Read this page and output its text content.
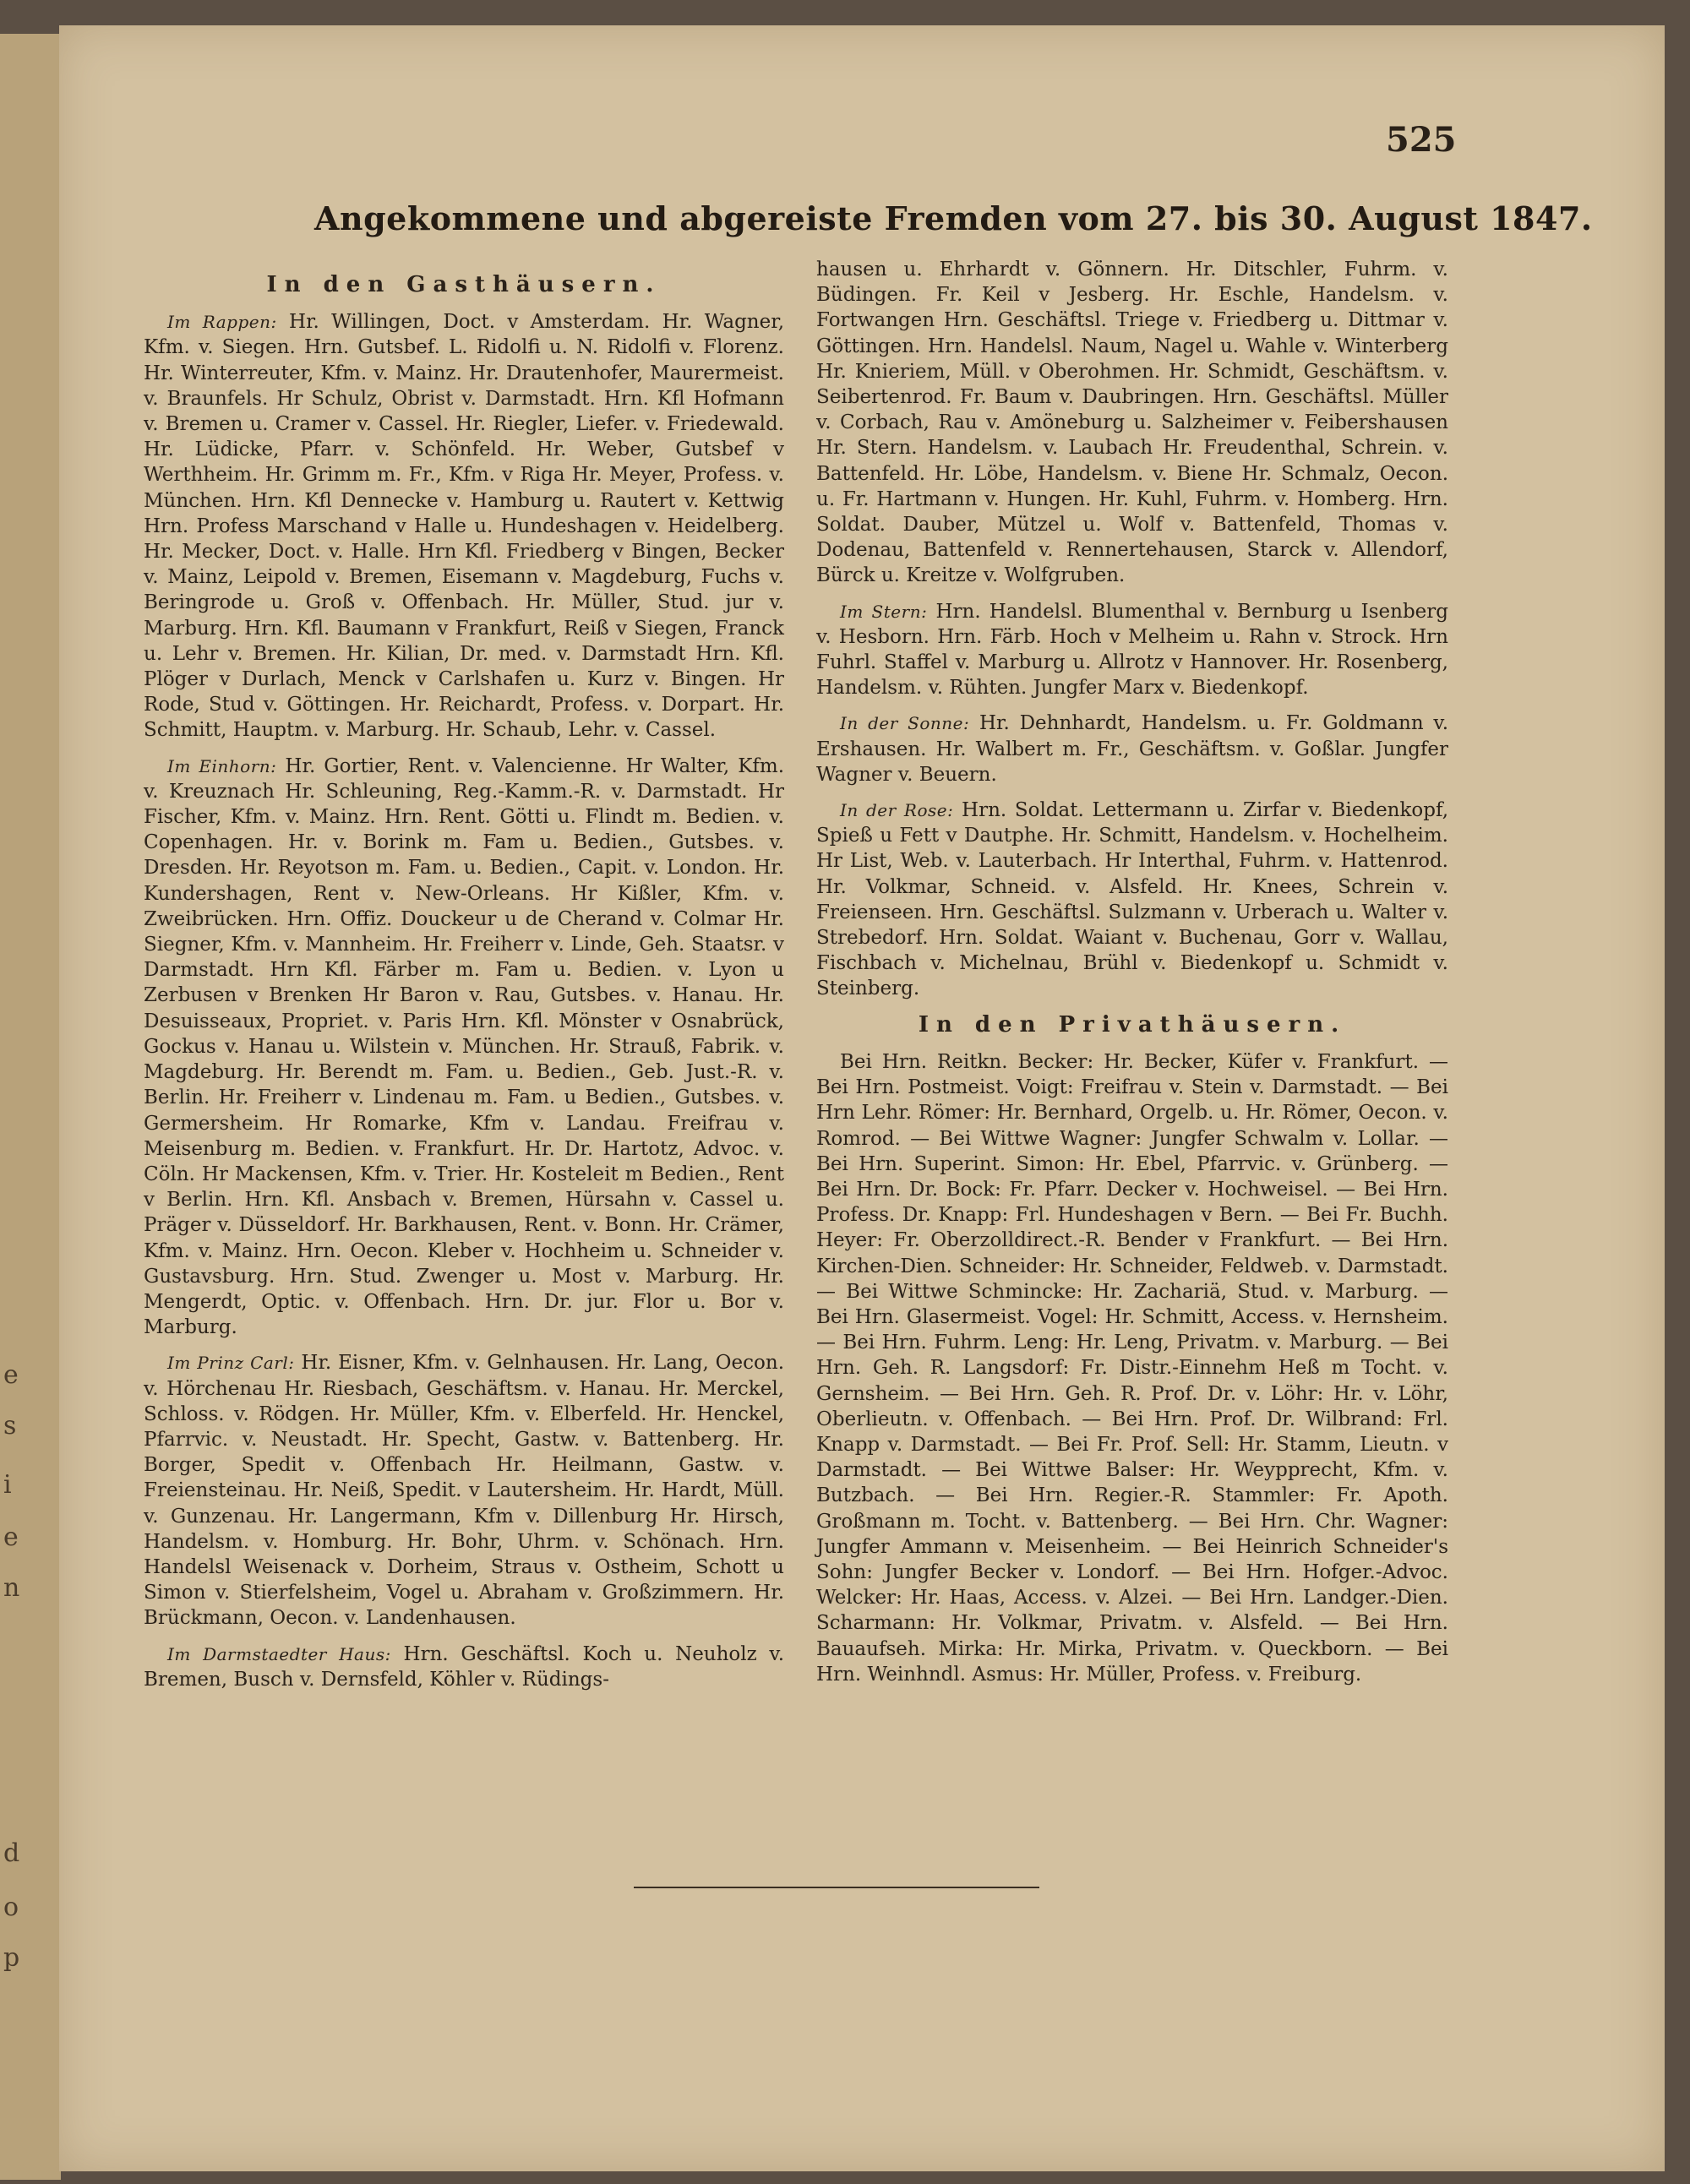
e
s
i
e
n
d
o
p
525
Angekommene und abgereiste Fremden vom 27. bis 30. August 1847.
In den Gasthäusern.

Im Rappen: Hr. Willingen, Doct. v Amsterdam. Hr. Wagner, Kfm. v. Siegen. Hrn. Gutsbef. L. Ridolfi u. N. Ridolfi v. Florenz. Hr. Winterreuter, Kfm. v. Mainz. Hr. Drautenhofer, Maurermeist. v. Braunfels. Hr Schulz, Obrist v. Darmstadt. Hrn. Kfl Hofmann v. Bremen u. Cramer v. Cassel. Hr. Riegler, Liefer. v. Friedewald. Hr. Lüdicke, Pfarr. v. Schönfeld. Hr. Weber, Gutsbef v Werthheim. Hr. Grimm m. Fr., Kfm. v Riga Hr. Meyer, Profess. v. München. Hrn. Kfl Dennecke v. Hamburg u. Rautert v. Kettwig Hrn. Profess Marschand v Halle u. Hundeshagen v. Heidelberg. Hr. Mecker, Doct. v. Halle. Hrn Kfl. Friedberg v Bingen, Becker v. Mainz, Leipold v. Bremen, Eisemann v. Magdeburg, Fuchs v. Beringrode u. Groß v. Offenbach. Hr. Müller, Stud. jur v. Marburg. Hrn. Kfl. Baumann v Frankfurt, Reiß v Siegen, Franck u. Lehr v. Bremen. Hr. Kilian, Dr. med. v. Darmstadt Hrn. Kfl. Plöger v Durlach, Menck v Carlshafen u. Kurz v. Bingen. Hr Rode, Stud v. Göttingen. Hr. Reichardt, Profess. v. Dorpart. Hr. Schmitt, Hauptm. v. Marburg. Hr. Schaub, Lehr. v. Cassel.

Im Einhorn: Hr. Gortier, Rent. v. Valencienne. Hr Walter, Kfm. v. Kreuznach Hr. Schleuning, Reg.-Kamm.-R. v. Darmstadt. Hr Fischer, Kfm. v. Mainz. Hrn. Rent. Götti u. Flindt m. Bedien. v. Copenhagen. Hr. v. Borink m. Fam u. Bedien., Gutsbes. v. Dresden. Hr. Reyotson m. Fam. u. Bedien., Capit. v. London. Hr. Kundershagen, Rent v. New-Orleans. Hr Kißler, Kfm. v. Zweibrücken. Hrn. Offiz. Douckeur u de Cherand v. Colmar Hr. Siegner, Kfm. v. Mannheim. Hr. Freiherr v. Linde, Geh. Staatsr. v Darmstadt. Hrn Kfl. Färber m. Fam u. Bedien. v. Lyon u Zerbusen v Brenken Hr Baron v. Rau, Gutsbes. v. Hanau. Hr. Desuisseaux, Propriet. v. Paris Hrn. Kfl. Mönster v Osnabrück, Gockus v. Hanau u. Wilstein v. München. Hr. Strauß, Fabrik. v. Magdeburg. Hr. Berendt m. Fam. u. Bedien., Geb. Just.-R. v. Berlin. Hr. Freiherr v. Lindenau m. Fam. u Bedien., Gutsbes. v. Germersheim. Hr Romarke, Kfm v. Landau. Freifrau v. Meisenburg m. Bedien. v. Frankfurt. Hr. Dr. Hartotz, Advoc. v. Cöln. Hr Mackensen, Kfm. v. Trier. Hr. Kosteleit m Bedien., Rent v Berlin. Hrn. Kfl. Ansbach v. Bremen, Hürsahn v. Cassel u. Präger v. Düsseldorf. Hr. Barkhausen, Rent. v. Bonn. Hr. Crämer, Kfm. v. Mainz. Hrn. Oecon. Kleber v. Hochheim u. Schneider v. Gustavsburg. Hrn. Stud. Zwenger u. Most v. Marburg. Hr. Mengerdt, Optic. v. Offenbach. Hrn. Dr. jur. Flor u. Bor v. Marburg.

Im Prinz Carl: Hr. Eisner, Kfm. v. Gelnhausen. Hr. Lang, Oecon. v. Hörchenau Hr. Riesbach, Geschäftsm. v. Hanau. Hr. Merckel, Schloss. v. Rödgen. Hr. Müller, Kfm. v. Elberfeld. Hr. Henckel, Pfarrvic. v. Neustadt. Hr. Specht, Gastw. v. Battenberg. Hr. Borger, Spedit v. Offenbach Hr. Heilmann, Gastw. v. Freiensteinau. Hr. Neiß, Spedit. v Lautersheim. Hr. Hardt, Müll. v. Gunzenau. Hr. Langermann, Kfm v. Dillenburg Hr. Hirsch, Handelsm. v. Homburg. Hr. Bohr, Uhrm. v. Schönach. Hrn. Handelsl Weisenack v. Dorheim, Straus v. Ostheim, Schott u Simon v. Stierfelsheim, Vogel u. Abraham v. Großzimmern. Hr. Brückmann, Oecon. v. Landenhausen.

Im Darmstaedter Haus: Hrn. Geschäftsl. Koch u. Neuholz v. Bremen, Busch v. Dernsfeld, Köhler v. Rüdings-

hausen u. Ehrhardt v. Gönnern. Hr. Ditschler, Fuhrm. v. Büdingen. Fr. Keil v Jesberg. Hr. Eschle, Handelsm. v. Fortwangen Hrn. Geschäftsl. Triege v. Friedberg u. Dittmar v. Göttingen. Hrn. Handelsl. Naum, Nagel u. Wahle v. Winterberg Hr. Knieriem, Müll. v Oberohmen. Hr. Schmidt, Geschäftsm. v. Seibertenrod. Fr. Baum v. Daubringen. Hrn. Geschäftsl. Müller v. Corbach, Rau v. Amöneburg u. Salzheimer v. Feibershausen Hr. Stern. Handelsm. v. Laubach Hr. Freudenthal, Schrein. v. Battenfeld. Hr. Löbe, Handelsm. v. Biene Hr. Schmalz, Oecon. u. Fr. Hartmann v. Hungen. Hr. Kuhl, Fuhrm. v. Homberg. Hrn. Soldat. Dauber, Mützel u. Wolf v. Battenfeld, Thomas v. Dodenau, Battenfeld v. Rennertehausen, Starck v. Allendorf, Bürck u. Kreitze v. Wolfgruben.

Im Stern: Hrn. Handelsl. Blumenthal v. Bernburg u Isenberg v. Hesborn. Hrn. Färb. Hoch v Melheim u. Rahn v. Strock. Hrn Fuhrl. Staffel v. Marburg u. Allrotz v Hannover. Hr. Rosenberg, Handelsm. v. Rühten. Jungfer Marx v. Biedenkopf.

In der Sonne: Hr. Dehnhardt, Handelsm. u. Fr. Goldmann v. Ershausen. Hr. Walbert m. Fr., Geschäftsm. v. Goßlar. Jungfer Wagner v. Beuern.

In der Rose: Hrn. Soldat. Lettermann u. Zirfar v. Biedenkopf, Spieß u Fett v Dautphe. Hr. Schmitt, Handelsm. v. Hochelheim. Hr List, Web. v. Lauterbach. Hr Interthal, Fuhrm. v. Hattenrod. Hr. Volkmar, Schneid. v. Alsfeld. Hr. Knees, Schrein v. Freienseen. Hrn. Geschäftsl. Sulzmann v. Urberach u. Walter v. Strebedorf. Hrn. Soldat. Waiant v. Buchenau, Gorr v. Wallau, Fischbach v. Michelnau, Brühl v. Biedenkopf u. Schmidt v. Steinberg.

In den Privathäusern.

Bei Hrn. Reitkn. Becker: Hr. Becker, Küfer v. Frankfurt. — Bei Hrn. Postmeist. Voigt: Freifrau v. Stein v. Darmstadt. — Bei Hrn Lehr. Römer: Hr. Bernhard, Orgelb. u. Hr. Römer, Oecon. v. Romrod. — Bei Wittwe Wagner: Jungfer Schwalm v. Lollar. — Bei Hrn. Superint. Simon: Hr. Ebel, Pfarrvic. v. Grünberg. — Bei Hrn. Dr. Bock: Fr. Pfarr. Decker v. Hochweisel. — Bei Hrn. Profess. Dr. Knapp: Frl. Hundeshagen v Bern. — Bei Fr. Buchh. Heyer: Fr. Oberzolldirect.-R. Bender v Frankfurt. — Bei Hrn. Kirchen-Dien. Schneider: Hr. Schneider, Feldweb. v. Darmstadt. — Bei Wittwe Schmincke: Hr. Zachariä, Stud. v. Marburg. — Bei Hrn. Glasermeist. Vogel: Hr. Schmitt, Access. v. Hernsheim. — Bei Hrn. Fuhrm. Leng: Hr. Leng, Privatm. v. Marburg. — Bei Hrn. Geh. R. Langsdorf: Fr. Distr.-Einnehm Heß m Tocht. v. Gernsheim. — Bei Hrn. Geh. R. Prof. Dr. v. Löhr: Hr. v. Löhr, Oberlieutn. v. Offenbach. — Bei Hrn. Prof. Dr. Wilbrand: Frl. Knapp v. Darmstadt. — Bei Fr. Prof. Sell: Hr. Stamm, Lieutn. v Darmstadt. — Bei Wittwe Balser: Hr. Weypprecht, Kfm. v. Butzbach. — Bei Hrn. Regier.-R. Stammler: Fr. Apoth. Großmann m. Tocht. v. Battenberg. — Bei Hrn. Chr. Wagner: Jungfer Ammann v. Meisenheim. — Bei Heinrich Schneider's Sohn: Jungfer Becker v. Londorf. — Bei Hrn. Hofger.-Advoc. Welcker: Hr. Haas, Access. v. Alzei. — Bei Hrn. Landger.-Dien. Scharmann: Hr. Volkmar, Privatm. v. Alsfeld. — Bei Hrn. Bauaufseh. Mirka: Hr. Mirka, Privatm. v. Queckborn. — Bei Hrn. Weinhndl. Asmus: Hr. Müller, Profess. v. Freiburg.
